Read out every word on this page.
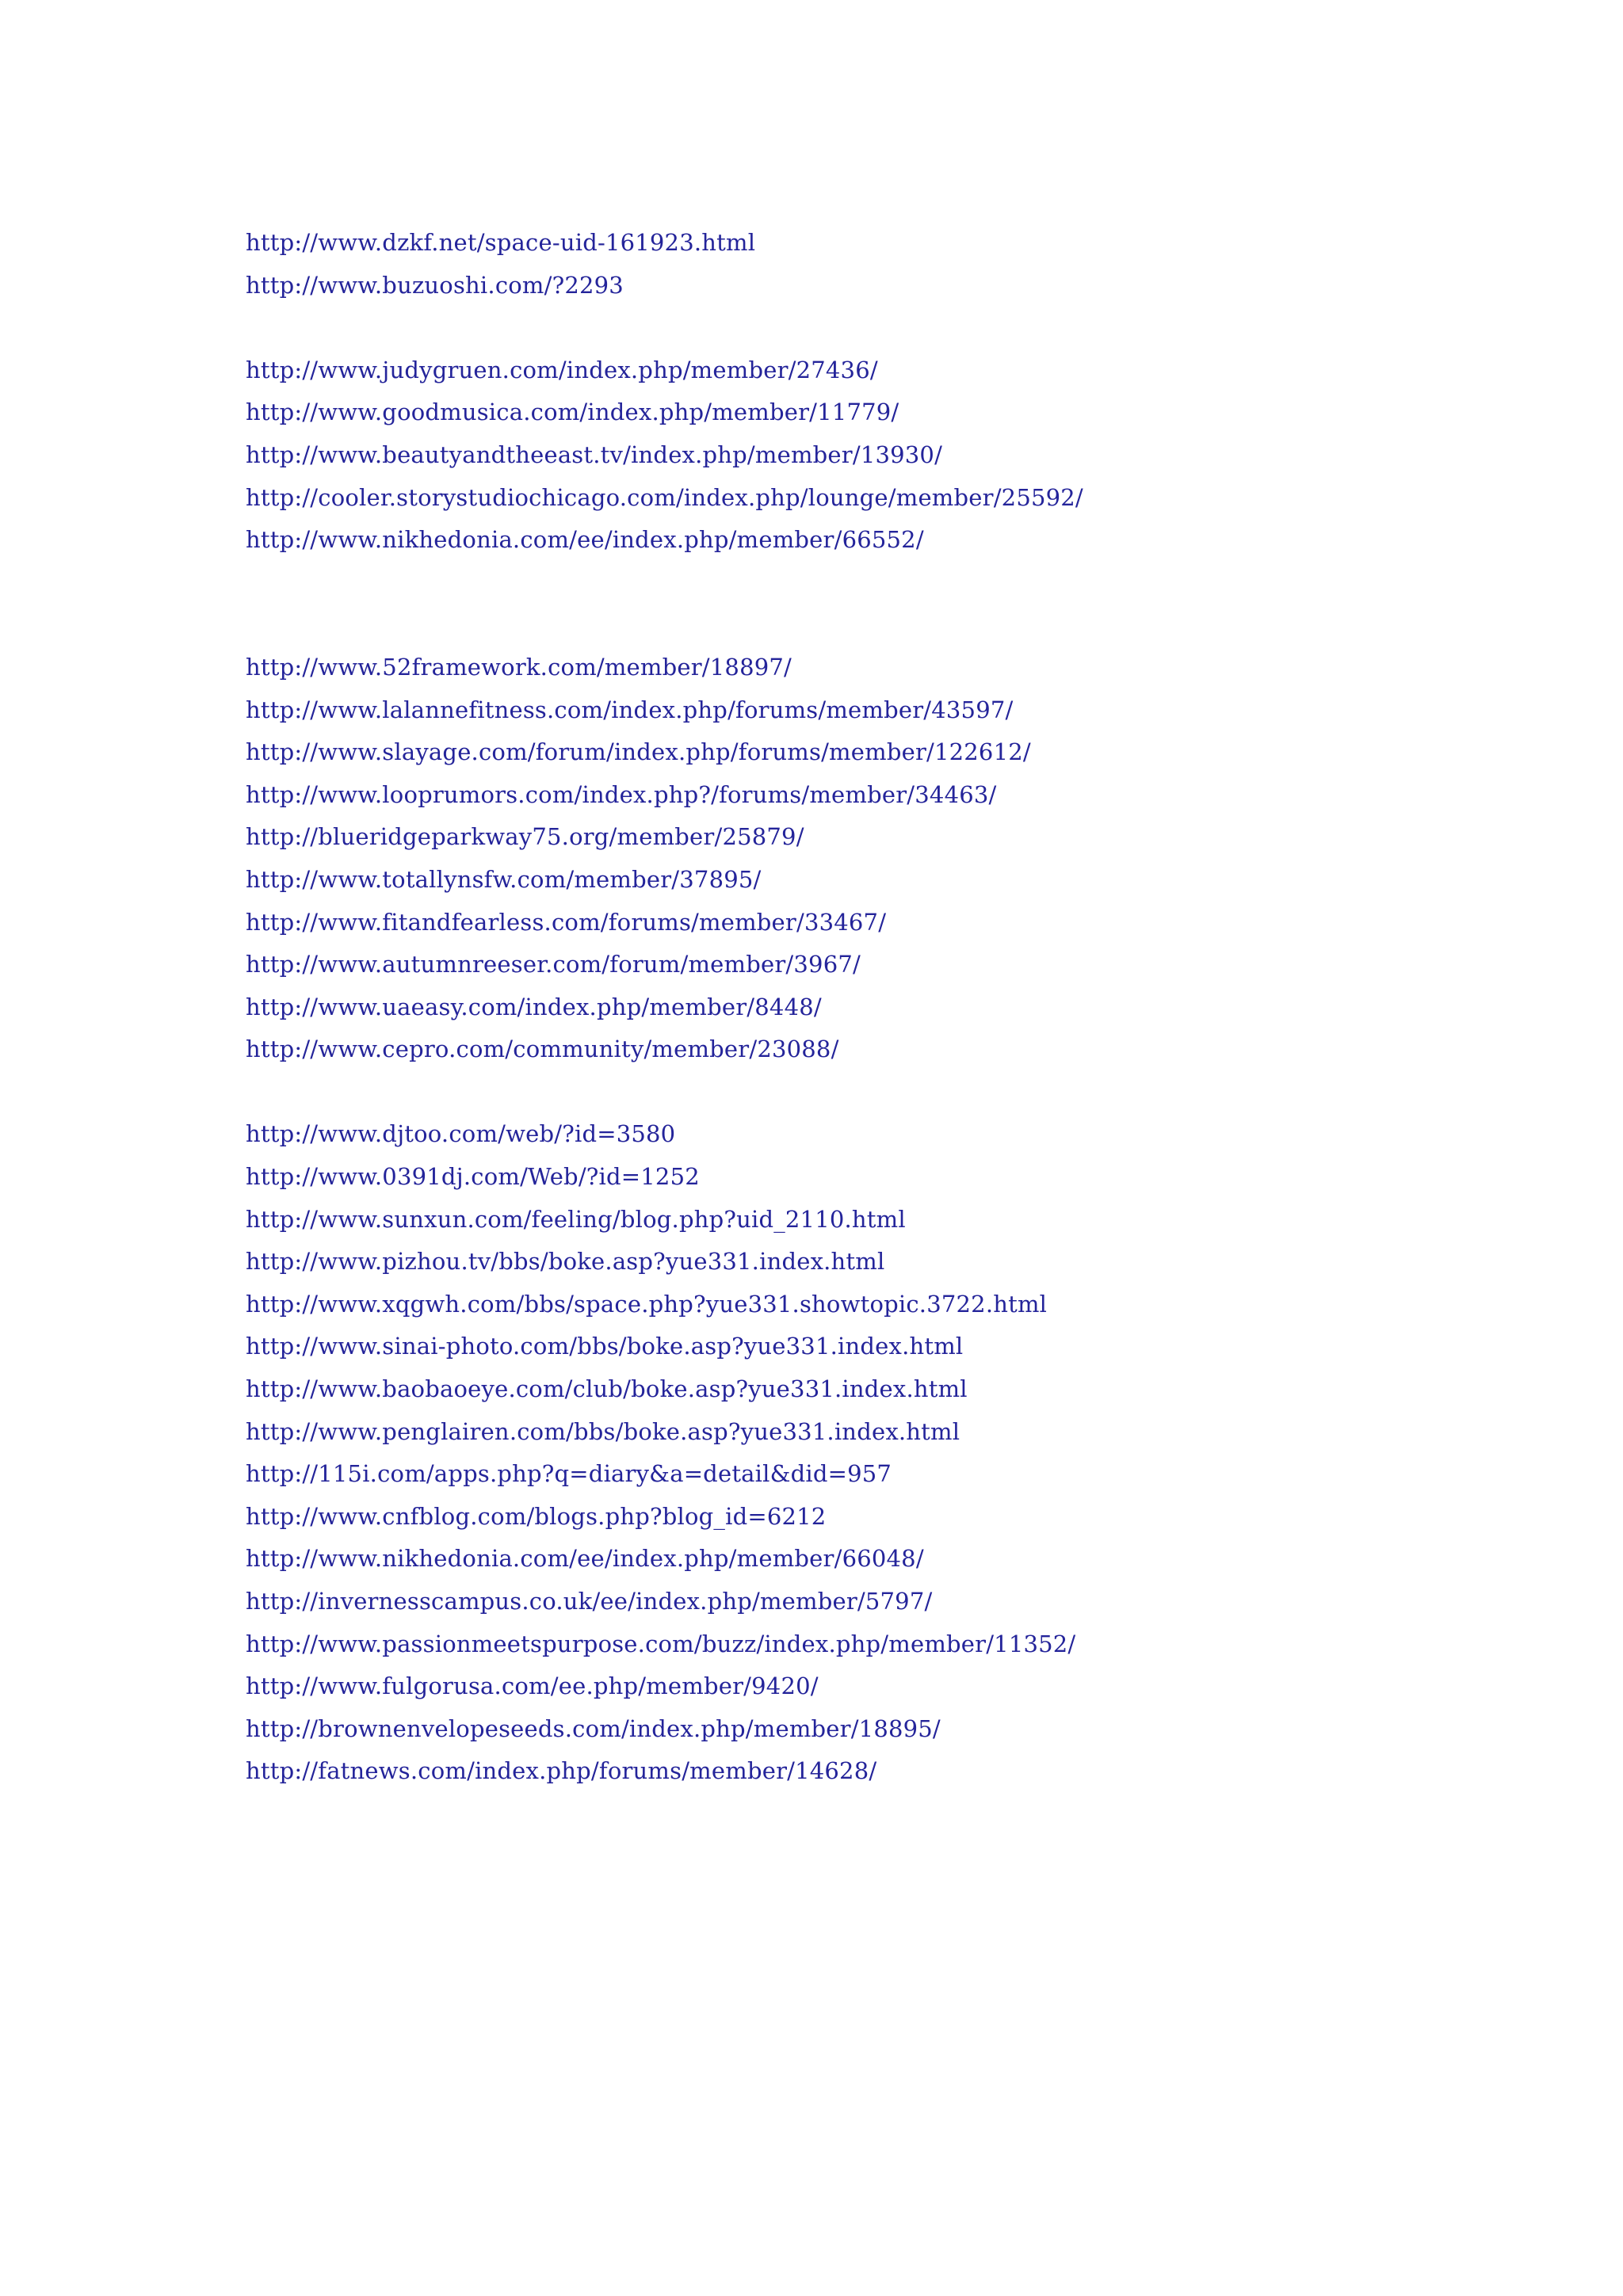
http://www.dzkf.net/space-uid-161923.html
http://www.buzuoshi.com/?2293
http://www.judygruen.com/index.php/member/27436/
http://www.goodmusica.com/index.php/member/11779/
http://www.beautyandtheeast.tv/index.php/member/13930/
http://cooler.storystudiochicago.com/index.php/lounge/member/25592/
http://www.nikhedonia.com/ee/index.php/member/66552/
http://www.52framework.com/member/18897/
http://www.lalannefitness.com/index.php/forums/member/43597/
http://www.slayage.com/forum/index.php/forums/member/122612/
http://www.looprumors.com/index.php?/forums/member/34463/
http://blueridgeparkway75.org/member/25879/
http://www.totallynsfw.com/member/37895/
http://www.fitandfearless.com/forums/member/33467/
http://www.autumnreeser.com/forum/member/3967/
http://www.uaeasy.com/index.php/member/8448/
http://www.cepro.com/community/member/23088/
http://www.djtoo.com/web/?id=3580
http://www.0391dj.com/Web/?id=1252
http://www.sunxun.com/feeling/blog.php?uid_2110.html
http://www.pizhou.tv/bbs/boke.asp?yue331.index.html
http://www.xqgwh.com/bbs/space.php?yue331.showtopic.3722.html
http://www.sinai-photo.com/bbs/boke.asp?yue331.index.html
http://www.baobaoeye.com/club/boke.asp?yue331.index.html
http://www.penglairen.com/bbs/boke.asp?yue331.index.html
http://115i.com/apps.php?q=diary&a=detail&did=957
http://www.cnfblog.com/blogs.php?blog_id=6212
http://www.nikhedonia.com/ee/index.php/member/66048/
http://invernesscampus.co.uk/ee/index.php/member/5797/
http://www.passionmeetspurpose.com/buzz/index.php/member/11352/
http://www.fulgorusa.com/ee.php/member/9420/
http://brownenvelopeseeds.com/index.php/member/18895/
http://fatnews.com/index.php/forums/member/14628/
